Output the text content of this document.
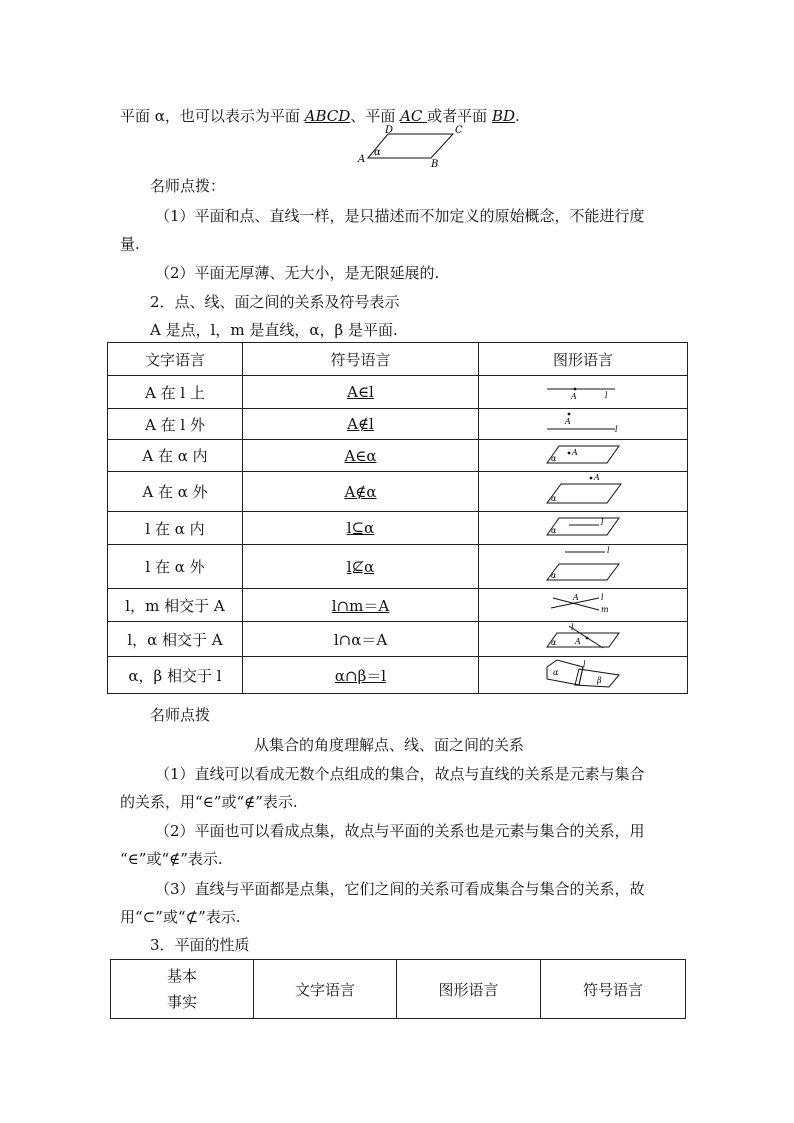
平面 α，也可以表示为平面 ABCD、平面 AC 或者平面 BD.
D	C
A	B
α
名师点拨：
（1）平面和点、直线一样，是只描述而不加定义的原始概念，不能进行度
量.
（2）平面无厚薄、无大小，是无限延展的.
2．点、线、面之间的关系及符号表示
A 是点，l，m 是直线，α，β 是平面.
文字语言	符号语言	图形语言
A 在 l 上	A∈l	A l

A 在 l 外	A∉l	A
l

A 在 α 内	A∈α	A
α

A 在 α 外	A∉α	A
α

l 在 α 内	l⊆α	l
α

l 在 α 外	l⊈α	l
α

l，m 相交于 A	l∩m＝A	A l
m

l，α 相交于 A	l∩α＝A	A
l
α

α，β 相交于 l	α∩β＝l	α
l
β
名师点拨
从集合的角度理解点、线、面之间的关系
（1）直线可以看成无数个点组成的集合，故点与直线的关系是元素与集合
的关系，用“∈”或“∉”表示.
（2）平面也可以看成点集，故点与平面的关系也是元素与集合的关系，用
“∈”或“∉”表示.
（3）直线与平面都是点集，它们之间的关系可看成集合与集合的关系，故
用“⊂”或“⊄”表示.
3．平面的性质
基本
事实
	文字语言	图形语言	符号语言
